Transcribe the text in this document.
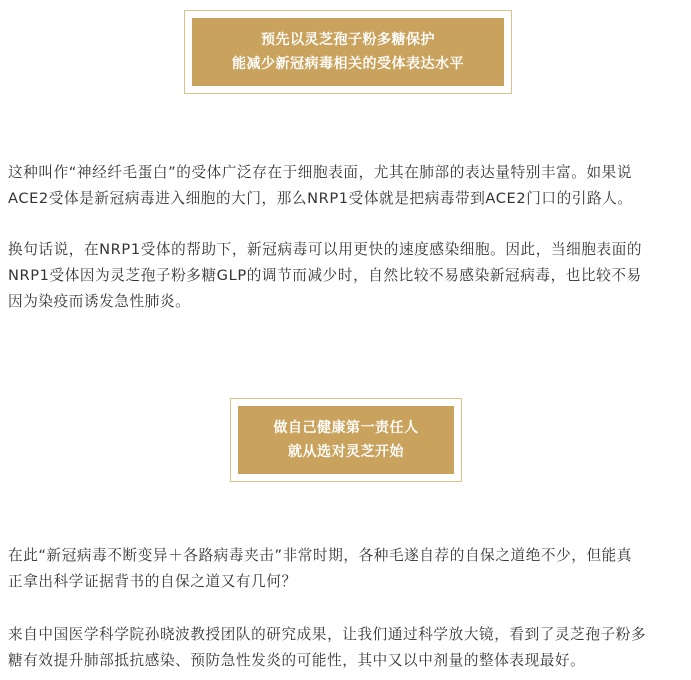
预先以灵芝孢子粉多糖保护
能减少新冠病毒相关的受体表达水平

这种叫作“神经纤毛蛋白”的受体广泛存在于细胞表面，尤其在肺部的表达量特别丰富。如果说
ACE2受体是新冠病毒进入细胞的大门，那么NRP1受体就是把病毒带到ACE2门口的引路人。

换句话说，在NRP1受体的帮助下，新冠病毒可以用更快的速度感染细胞。因此，当细胞表面的
NRP1受体因为灵芝孢子粉多糖GLP的调节而减少时，自然比较不易感染新冠病毒，也比较不易
因为染疫而诱发急性肺炎。

做自己健康第一责任人
就从选对灵芝开始

在此“新冠病毒不断变异＋各路病毒夹击”非常时期，各种毛遂自荐的自保之道绝不少，但能真
正拿出科学证据背书的自保之道又有几何？

来自中国医学科学院孙晓波教授团队的研究成果，让我们通过科学放大镜，看到了灵芝孢子粉多
糖有效提升肺部抵抗感染、预防急性发炎的可能性，其中又以中剂量的整体表现最好。
